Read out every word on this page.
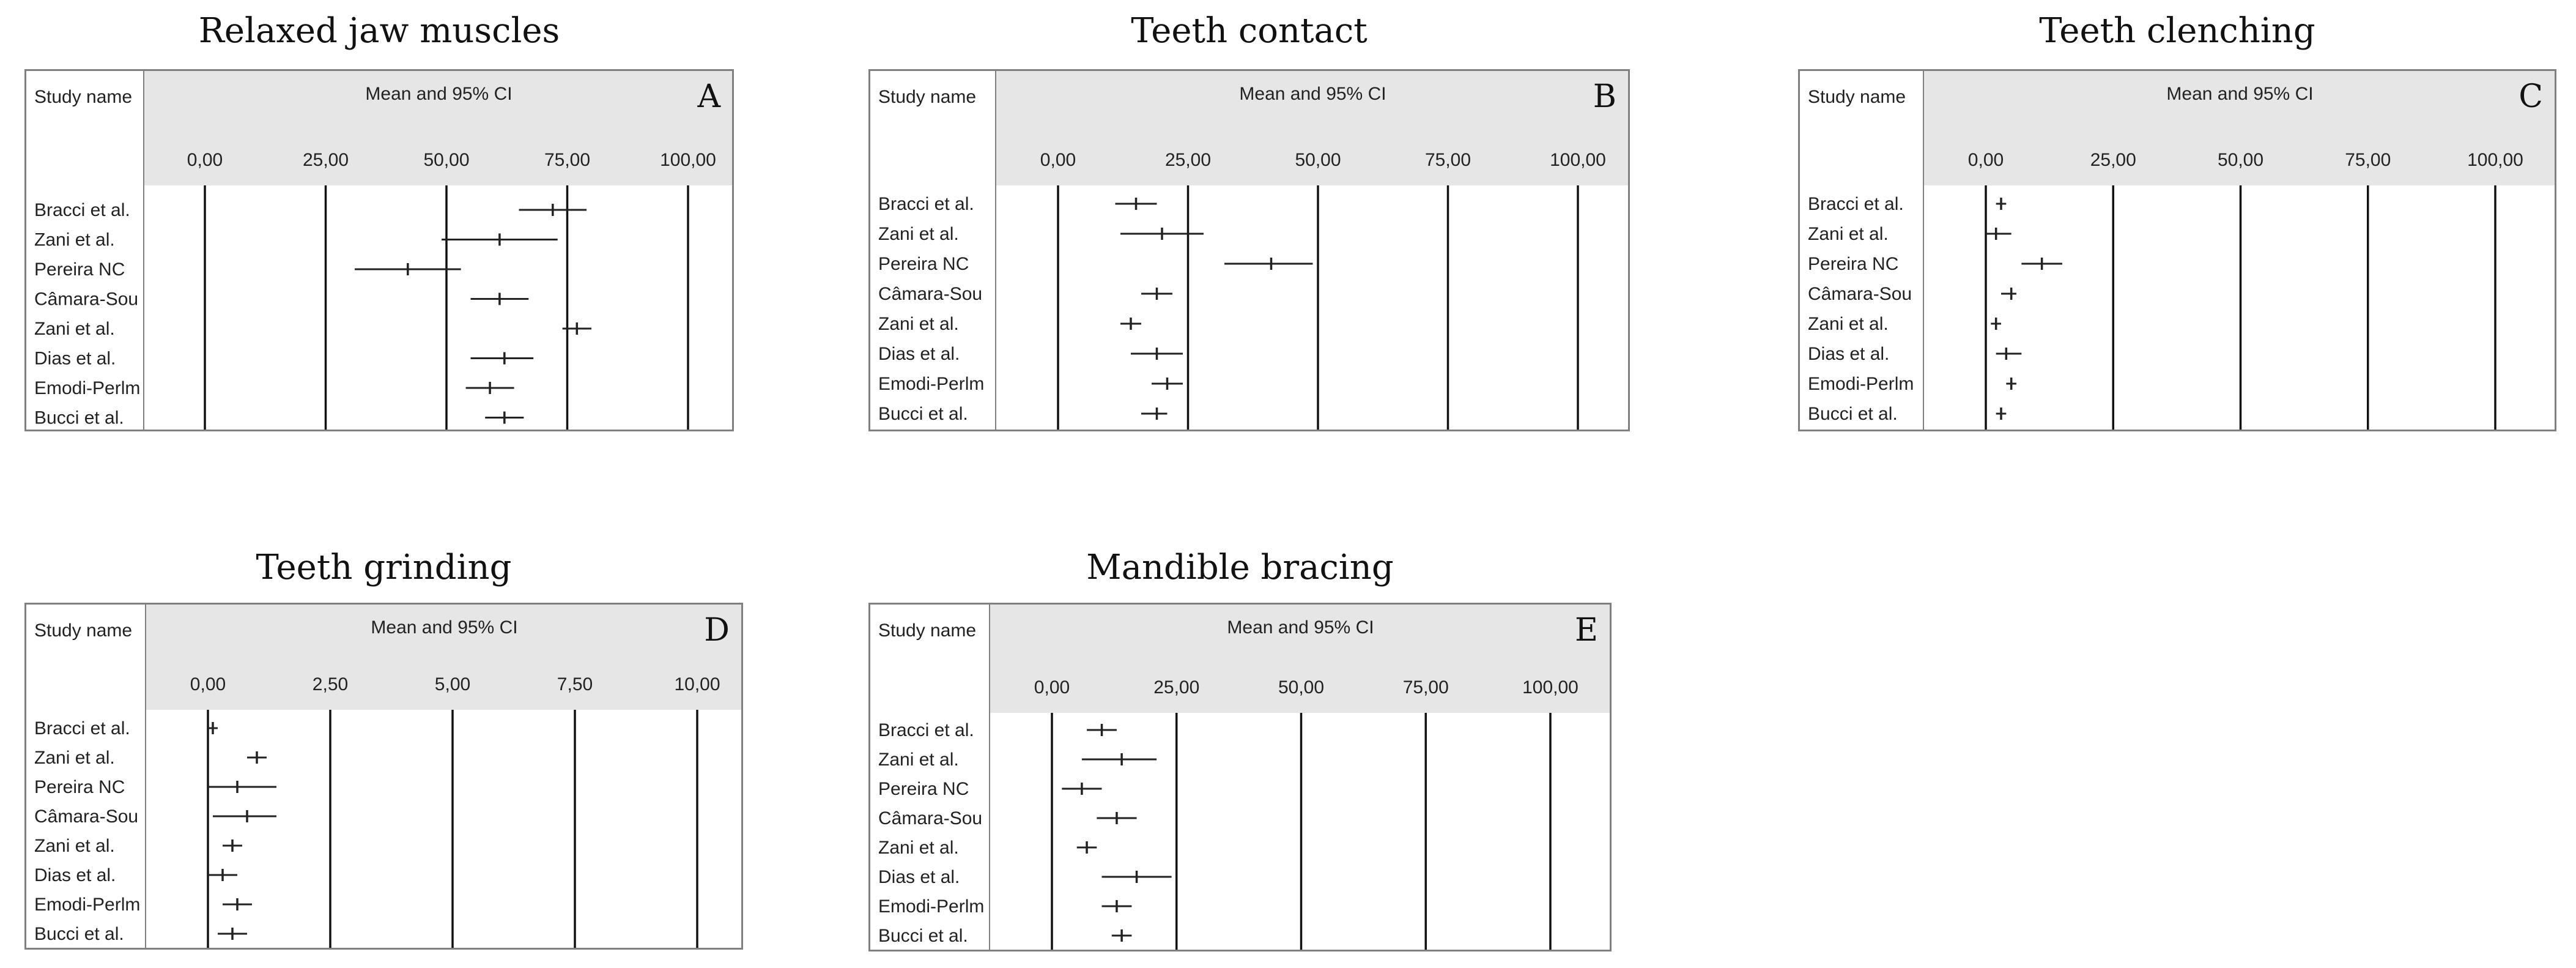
Relaxed jaw muscles	Teeth contact	Teeth clenching
Teeth grinding	Mandible bracing
Study name	Mean and 95% CI	A
0,00	25,00	50,00	75,00	100,00
Bracci et al.
Zani et al.
Pereira NC
Câmara-Sou
Zani et al.
Dias et al.
Emodi-Perlm
Bucci et al.
Study name	Mean and 95% CI	B
0,00	25,00	50,00	75,00	100,00
Bracci et al.
Zani et al.
Pereira NC
Câmara-Sou
Zani et al.
Dias et al.
Emodi-Perlm
Bucci et al.
Study name	Mean and 95% CI	C
0,00	25,00	50,00	75,00	100,00
Bracci et al.
Zani et al.
Pereira NC
Câmara-Sou
Zani et al.
Dias et al.
Emodi-Perlm
Bucci et al.
Study name	Mean and 95% CI	D
0,00	2,50	5,00	7,50	10,00
Bracci et al.
Zani et al.
Pereira NC
Câmara-Sou
Zani et al.
Dias et al.
Emodi-Perlm
Bucci et al.
Study name	Mean and 95% CI	E
0,00	25,00	50,00	75,00	100,00
Bracci et al.
Zani et al.
Pereira NC
Câmara-Sou
Zani et al.
Dias et al.
Emodi-Perlm
Bucci et al.
